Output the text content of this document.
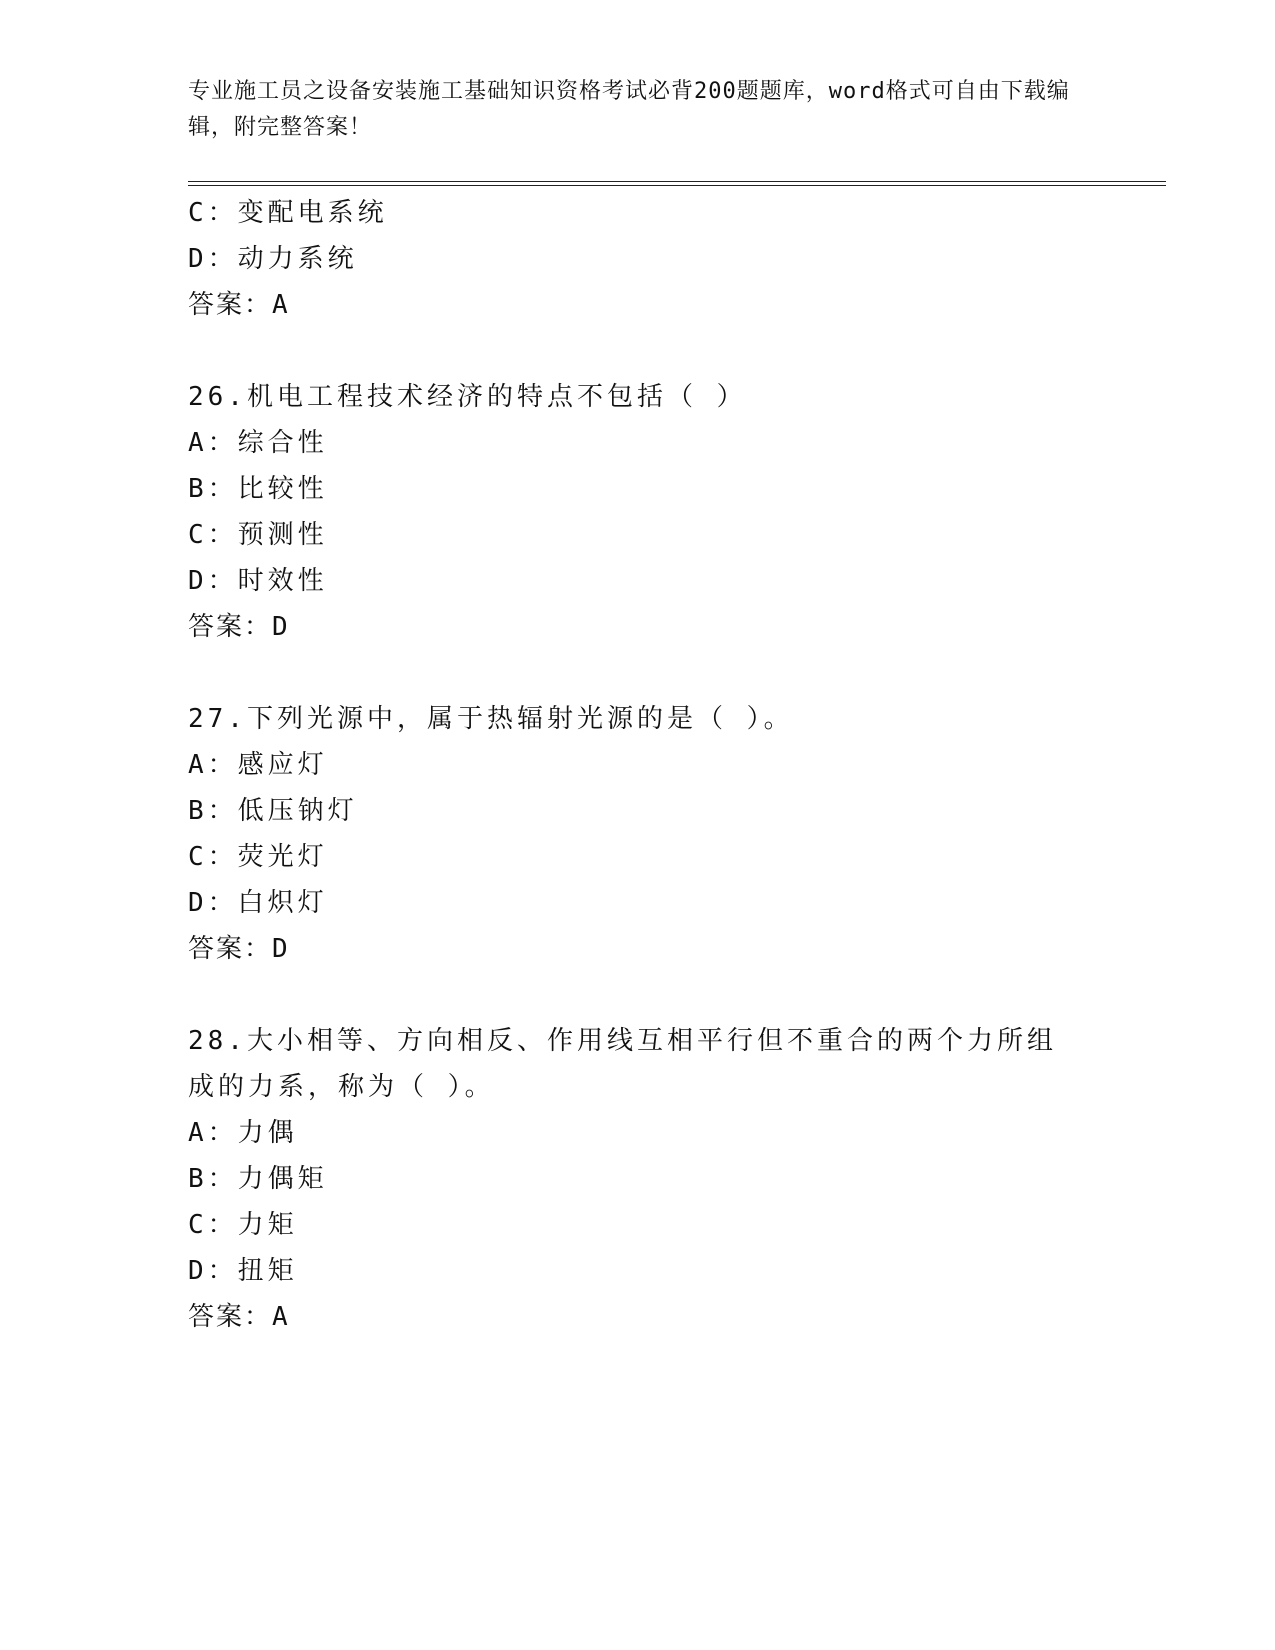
专业施工员之设备安装施工基础知识资格考试必背200题题库，word格式可自由下载编辑，附完整答案！
C：变配电系统
D：动力系统
答案：A
26.机电工程技术经济的特点不包括（ ）
A：综合性
B：比较性
C：预测性
D：时效性
答案：D
27.下列光源中，属于热辐射光源的是（ ）。
A：感应灯
B：低压钠灯
C：荧光灯
D：白炽灯
答案：D
28.大小相等、方向相反、作用线互相平行但不重合的两个力所组成的力系，称为（ ）。
A：力偶
B：力偶矩
C：力矩
D：扭矩
答案：A
